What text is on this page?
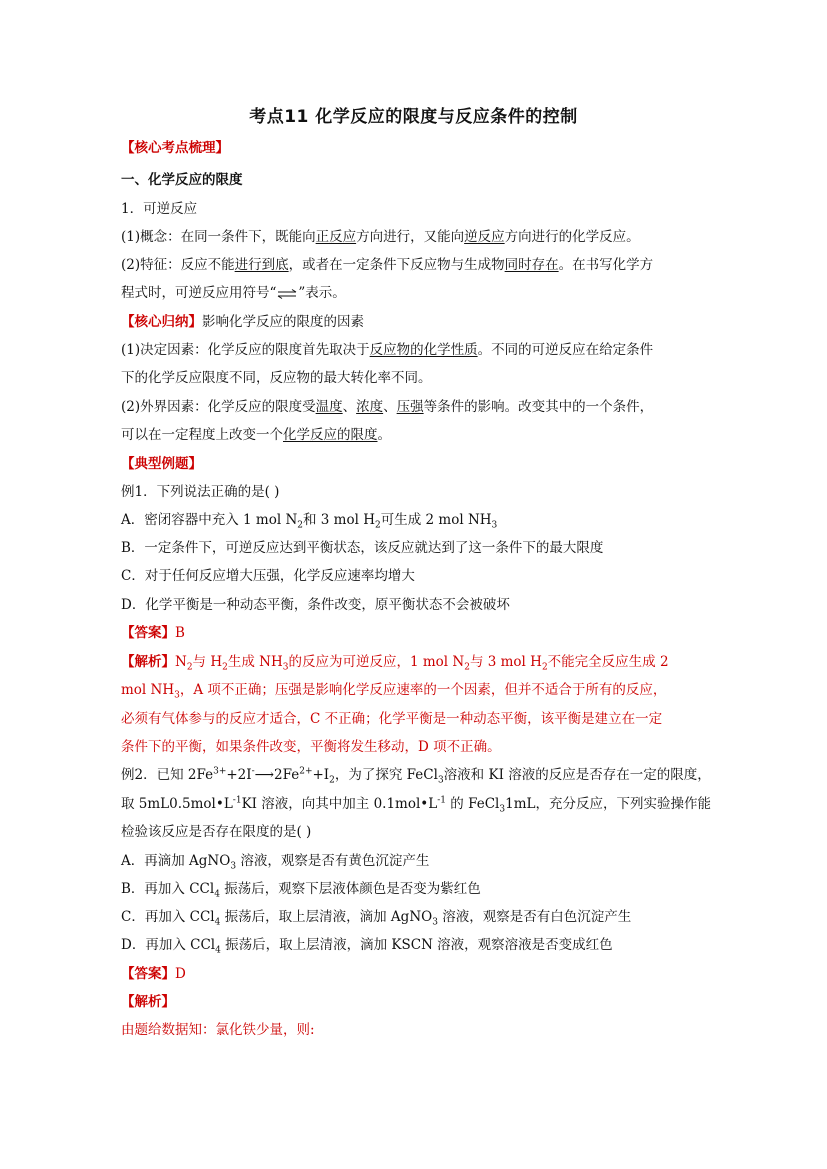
考点11 化学反应的限度与反应条件的控制
【核心考点梳理】
一、化学反应的限度
1．可逆反应
(1)概念：在同一条件下，既能向正反应方向进行，又能向逆反应方向进行的化学反应。
(2)特征：反应不能进行到底，或者在一定条件下反应物与生成物同时存在。在书写化学方
程式时，可逆反应用符号“⇌”表示。
【核心归纳】影响化学反应的限度的因素
(1)决定因素：化学反应的限度首先取决于反应物的化学性质。不同的可逆反应在给定条件
下的化学反应限度不同，反应物的最大转化率不同。
(2)外界因素：化学反应的限度受温度、浓度、压强等条件的影响。改变其中的一个条件，
可以在一定程度上改变一个化学反应的限度。
【典型例题】
例1．下列说法正确的是( )
A．密闭容器中充入 1 mol $N_2$和 3 mol $H_2$可生成 2 mol $NH_3$
B．一定条件下，可逆反应达到平衡状态，该反应就达到了这一条件下的最大限度
C．对于任何反应增大压强，化学反应速率均增大
D．化学平衡是一种动态平衡，条件改变，原平衡状态不会被破坏
【答案】B
【解析】$N_2$与 $H_2$生成 $NH_3$的反应为可逆反应，1 mol $N_2$与 3 mol $H_2$不能完全反应生成 2
mol $NH_3$，A 项不正确；压强是影响化学反应速率的一个因素，但并不适合于所有的反应，
必须有气体参与的反应才适合，C 不正确；化学平衡是一种动态平衡，该平衡是建立在一定
条件下的平衡，如果条件改变，平衡将发生移动，D 项不正确。
例2．已知 $2Fe^{3+}+2I^-⟶2Fe^{2+}+I_2$，为了探究 FeCl$_3$溶液和 KI 溶液的反应是否存在一定的限度，
取 $5mL0.5mol•L^{-1}KI$ 溶液，向其中加主 $0.1mol•L^{-1}$ 的 FeCl$_3$1mL，充分反应，下列实验操作能
检验该反应是否存在限度的是( )
A．再滴加 AgNO$_3$ 溶液，观察是否有黄色沉淀产生
B．再加入 CCl$_4$ 振荡后，观察下层液体颜色是否变为紫红色
C．再加入 CCl$_4$ 振荡后，取上层清液，滴加 AgNO$_3$ 溶液，观察是否有白色沉淀产生
D．再加入 CCl$_4$ 振荡后，取上层清液，滴加 KSCN 溶液，观察溶液是否变成红色
【答案】D
【解析】
由题给数据知：氯化铁少量，则:
